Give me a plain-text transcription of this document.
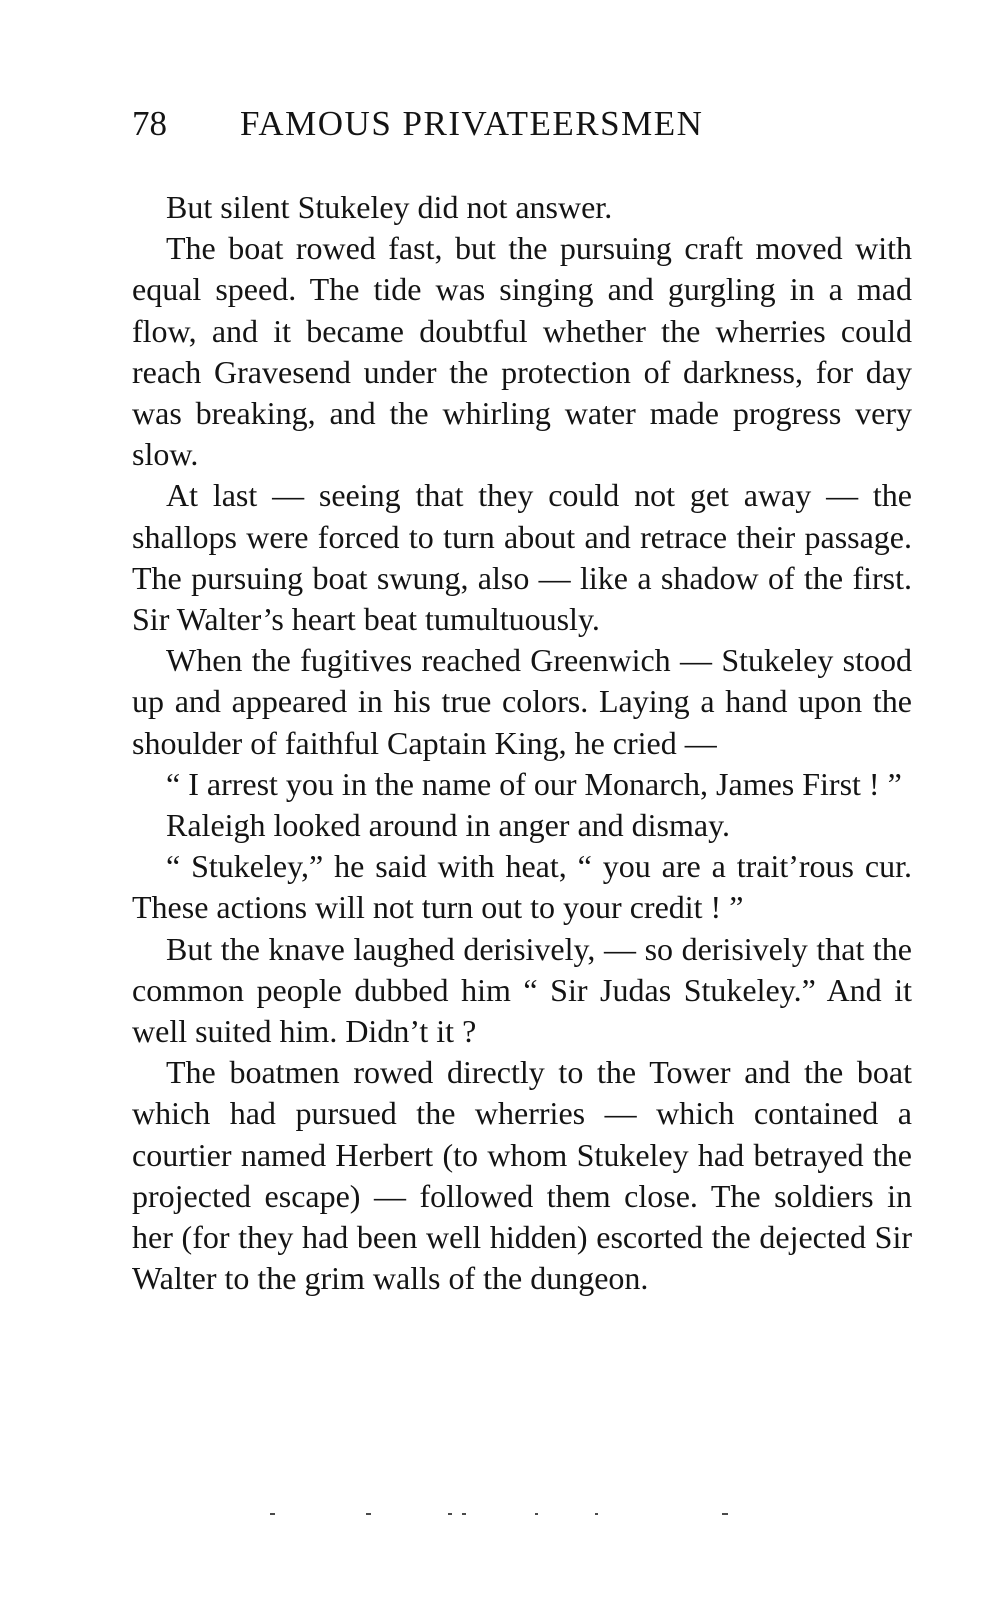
78 FAMOUS PRIVATEERSMEN

But silent Stukeley did not answer.

The boat rowed fast, but the pursuing craft moved with equal speed. The tide was singing and gurgling in a mad flow, and it became doubtful whether the wherries could reach Gravesend under the protection of darkness, for day was breaking, and the whirling water made progress very slow.

At last — seeing that they could not get away — the shallops were forced to turn about and retrace their passage. The pursuing boat swung, also — like a shadow of the first. Sir Walter’s heart beat tumultuously.

When the fugitives reached Greenwich — Stukeley stood up and appeared in his true colors. Laying a hand upon the shoulder of faithful Captain King, he cried —

“ I arrest you in the name of our Monarch, James First ! ”

Raleigh looked around in anger and dismay.

“ Stukeley,” he said with heat, “ you are a trait’rous cur. These actions will not turn out to your credit ! ”

But the knave laughed derisively, — so derisively that the common people dubbed him “ Sir Judas Stukeley.” And it well suited him. Didn’t it ?

The boatmen rowed directly to the Tower and the boat which had pursued the wherries — which contained a courtier named Herbert (to whom Stukeley had betrayed the projected escape) — followed them close. The soldiers in her (for they had been well hidden) escorted the dejected Sir Walter to the grim walls of the dungeon.
